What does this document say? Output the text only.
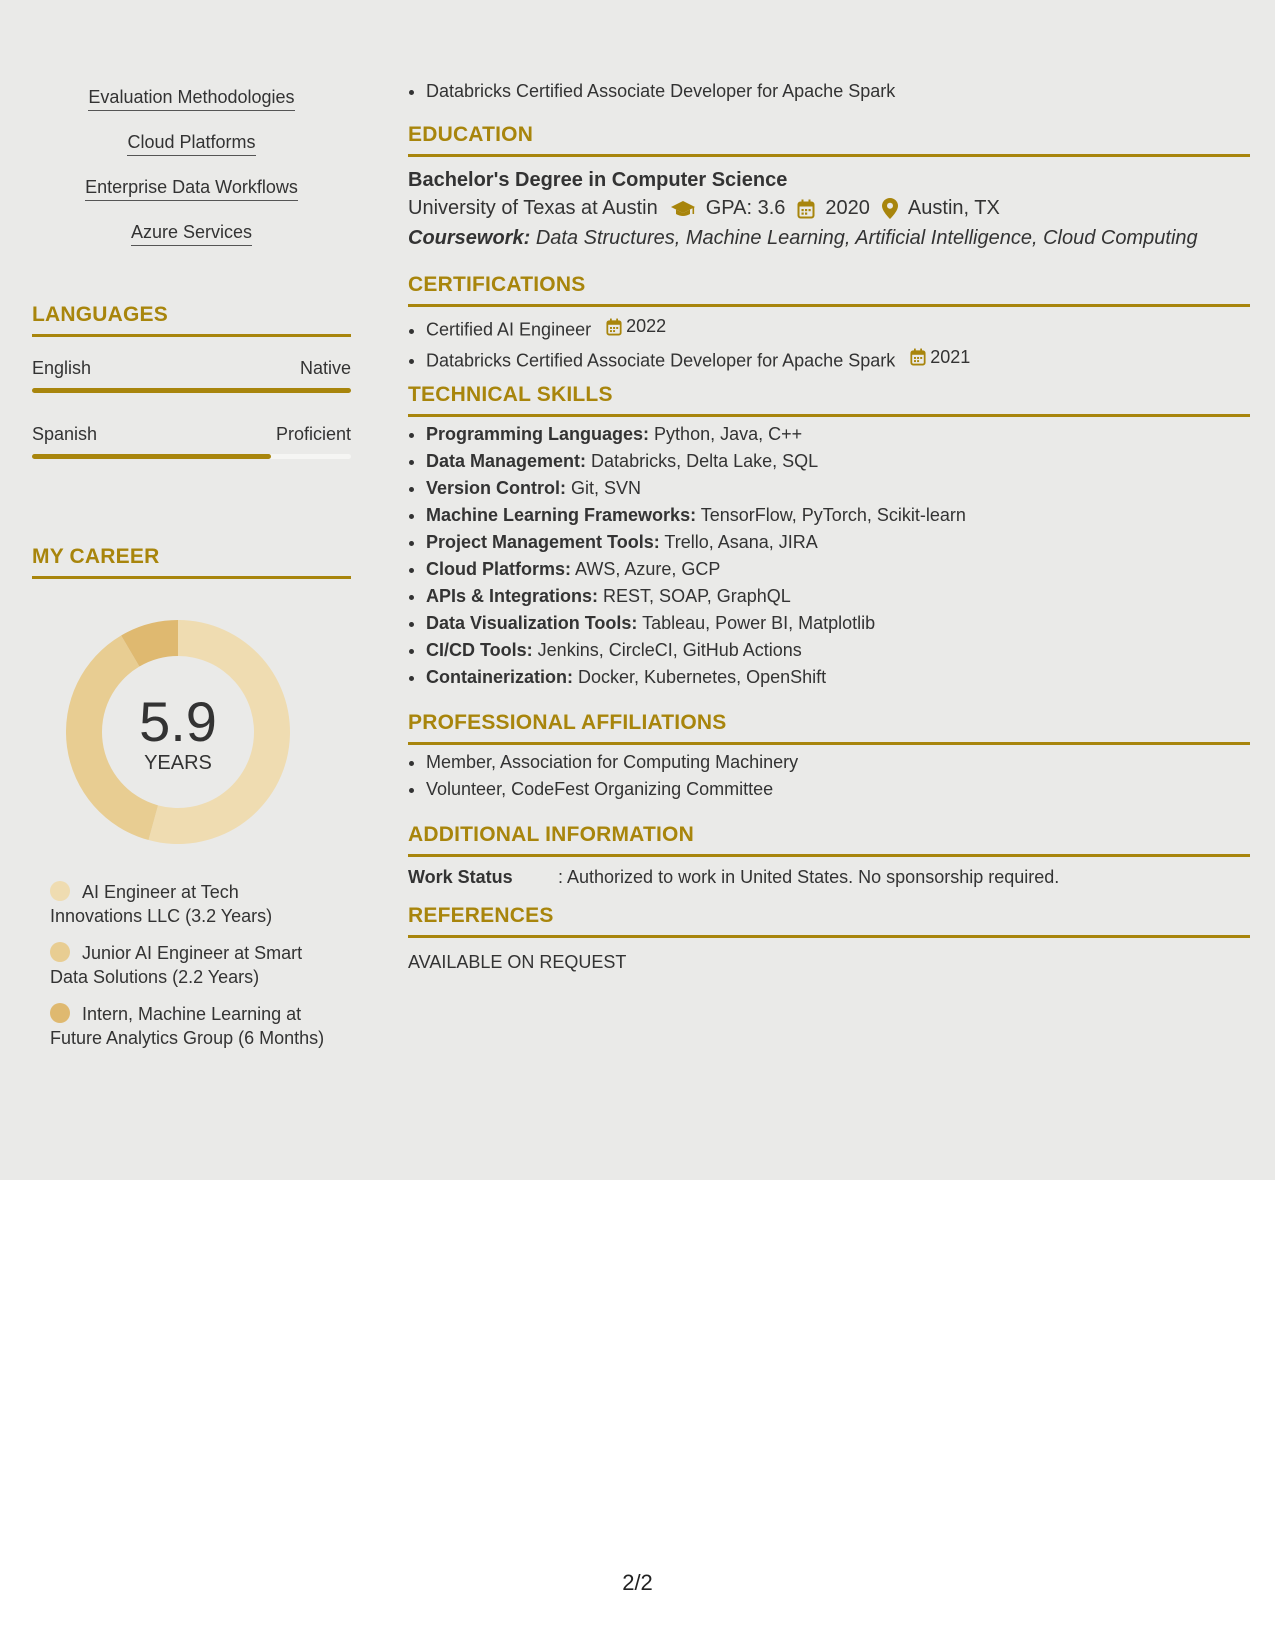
Evaluation Methodologies
Cloud Platforms
Enterprise Data Workflows
Azure Services
LANGUAGES
English	Native
Spanish	Proficient
MY CAREER
5.9
YEARS
AI Engineer at Tech Innovations LLC (3.2 Years)
Junior AI Engineer at Smart Data Solutions (2.2 Years)
Intern, Machine Learning at Future Analytics Group (6 Months)
• Databricks Certified Associate Developer for Apache Spark
EDUCATION
Bachelor's Degree in Computer Science
University of Texas at Austin GPA: 3.6 2020 Austin, TX
Coursework: Data Structures, Machine Learning, Artificial Intelligence, Cloud Computing
CERTIFICATIONS
• Certified AI Engineer 2022
• Databricks Certified Associate Developer for Apache Spark 2021
TECHNICAL SKILLS
• Programming Languages: Python, Java, C++
• Data Management: Databricks, Delta Lake, SQL
• Version Control: Git, SVN
• Machine Learning Frameworks: TensorFlow, PyTorch, Scikit-learn
• Project Management Tools: Trello, Asana, JIRA
• Cloud Platforms: AWS, Azure, GCP
• APIs & Integrations: REST, SOAP, GraphQL
• Data Visualization Tools: Tableau, Power BI, Matplotlib
• CI/CD Tools: Jenkins, CircleCI, GitHub Actions
• Containerization: Docker, Kubernetes, OpenShift
PROFESSIONAL AFFILIATIONS
• Member, Association for Computing Machinery
• Volunteer, CodeFest Organizing Committee
ADDITIONAL INFORMATION
Work Status	: Authorized to work in United States. No sponsorship required.
REFERENCES
AVAILABLE ON REQUEST
2/2
